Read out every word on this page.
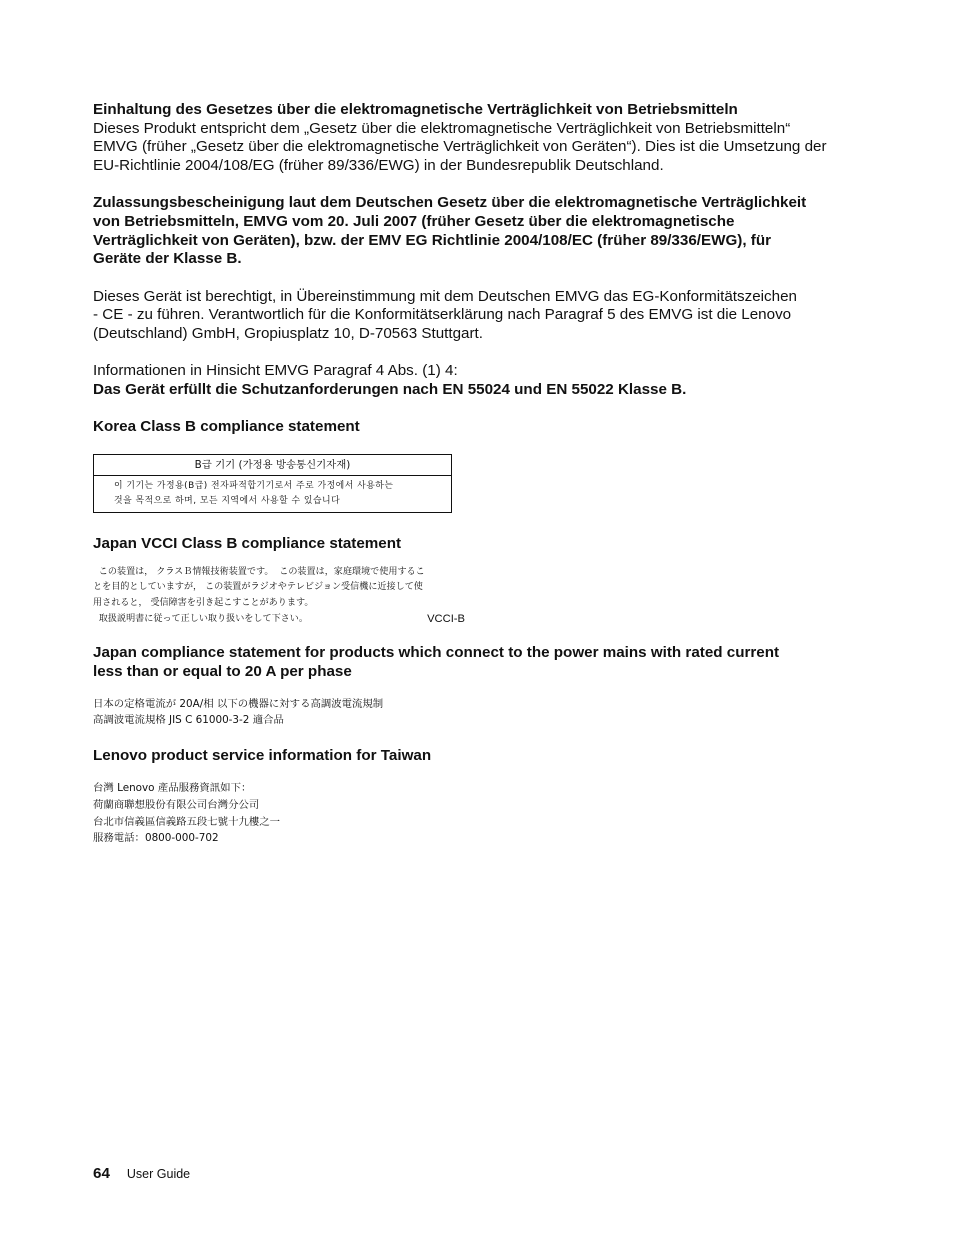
Einhaltung des Gesetzes über die elektromagnetische Verträglichkeit von Betriebsmitteln

Dieses Produkt entspricht dem „Gesetz über die elektromagnetische Verträglichkeit von Betriebsmitteln“

EMVG (früher „Gesetz über die elektromagnetische Verträglichkeit von Geräten“). Dies ist die Umsetzung der

EU-Richtlinie 2004/108/EG (früher 89/336/EWG) in der Bundesrepublik Deutschland.

Zulassungsbescheinigung laut dem Deutschen Gesetz über die elektromagnetische Verträglichkeit

von Betriebsmitteln, EMVG vom 20. Juli 2007 (früher Gesetz über die elektromagnetische

Verträglichkeit von Geräten), bzw. der EMV EG Richtlinie 2004/108/EC (früher 89/336/EWG), für

Geräte der Klasse B.

Dieses Gerät ist berechtigt, in Übereinstimmung mit dem Deutschen EMVG das EG-Konformitätszeichen

- CE - zu führen. Verantwortlich für die Konformitätserklärung nach Paragraf 5 des EMVG ist die Lenovo

(Deutschland) GmbH, Gropiusplatz 10, D-70563 Stuttgart.

Informationen in Hinsicht EMVG Paragraf 4 Abs. (1) 4:

Das Gerät erfüllt die Schutzanforderungen nach EN 55024 und EN 55022 Klasse B.

Korea Class B compliance statement

B급 기기 (가정용 방송통신기자재)
이 기기는 가정용(B급) 전자파적합기기로서 주로 가정에서 사용하는
것을 목적으로 하며, 모든 지역에서 사용할 수 있습니다

Japan VCCI Class B compliance statement

この装置は， クラスＢ情報技術装置です。  この装置は，家庭環境で使用するこ
とを目的としていますが， この装置がラジオやテレビジョン受信機に近接して使
用されると， 受信障害を引き起こすことがあります。
取扱説明書に従って正しい取り扱いをして下さい。	VCCI-B

Japan compliance statement for products which connect to the power mains with rated current

less than or equal to 20 A per phase

日本の定格電流が 20A/相 以下の機器に対する高調波電流規制
高調波電流規格 JIS C 61000-3-2 適合品

Lenovo product service information for Taiwan

台灣 Lenovo 產品服務資訊如下：
荷蘭商聯想股份有限公司台灣分公司
台北市信義區信義路五段七號十九樓之一
服務電話：0800-000-702
64 User Guide
